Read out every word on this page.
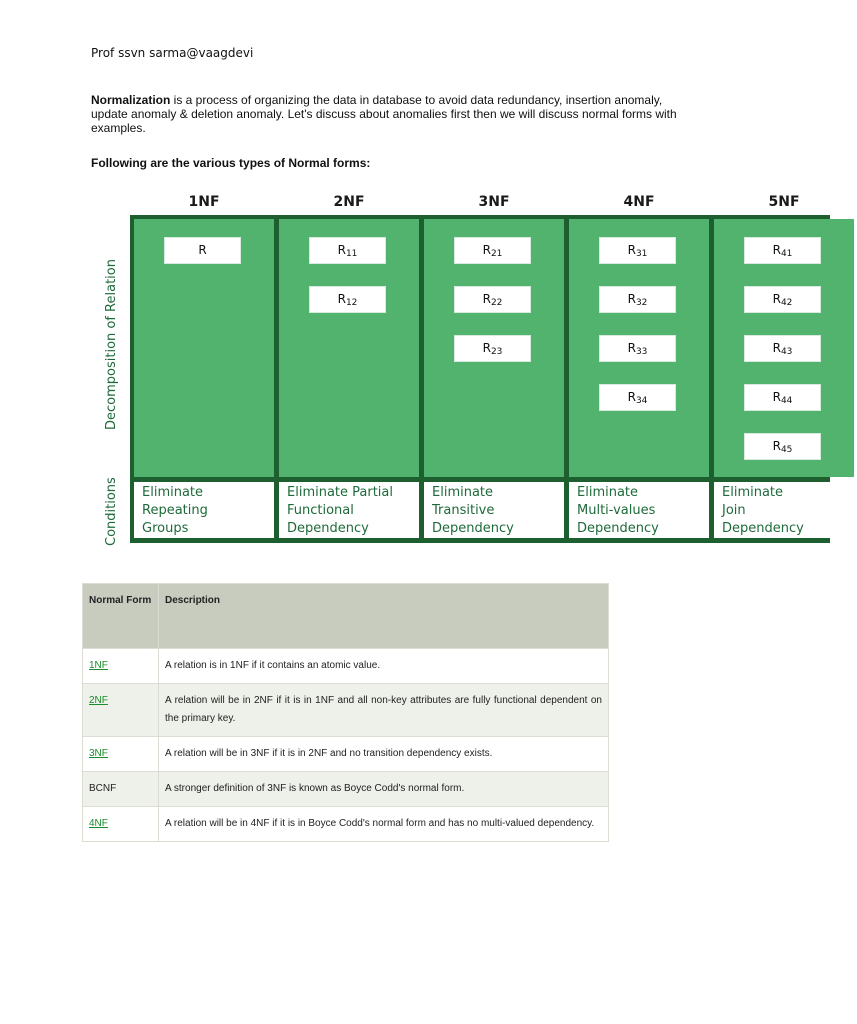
Prof ssvn sarma@vaagdevi
Normalization is a process of organizing the data in database to avoid data redundancy, insertion anomaly, update anomaly & deletion anomaly. Let's discuss about anomalies first then we will discuss normal forms with examples.
Following are the various types of Normal forms:
Decomposition of Relation
Conditions
1NF
R
Eliminate
Repeating
Groups
2NF
$R_{11}$
$R_{12}$
Eliminate Partial
Functional
Dependency
3NF
$R_{21}$
$R_{22}$
$R_{23}$
Eliminate
Transitive
Dependency
4NF
$R_{31}$
$R_{32}$
$R_{33}$
$R_{34}$
Eliminate
Multi-values
Dependency
5NF
$R_{41}$
$R_{42}$
$R_{43}$
$R_{44}$
$R_{45}$
Eliminate
Join
Dependency
Normal Form	Description
1NF	A relation is in 1NF if it contains an atomic value.
2NF	A relation will be in 2NF if it is in 1NF and all non-key attributes are fully functional dependent on the primary key.
3NF	A relation will be in 3NF if it is in 2NF and no transition dependency exists.
BCNF	A stronger definition of 3NF is known as Boyce Codd's normal form.
4NF	A relation will be in 4NF if it is in Boyce Codd's normal form and has no multi-valued dependency.
